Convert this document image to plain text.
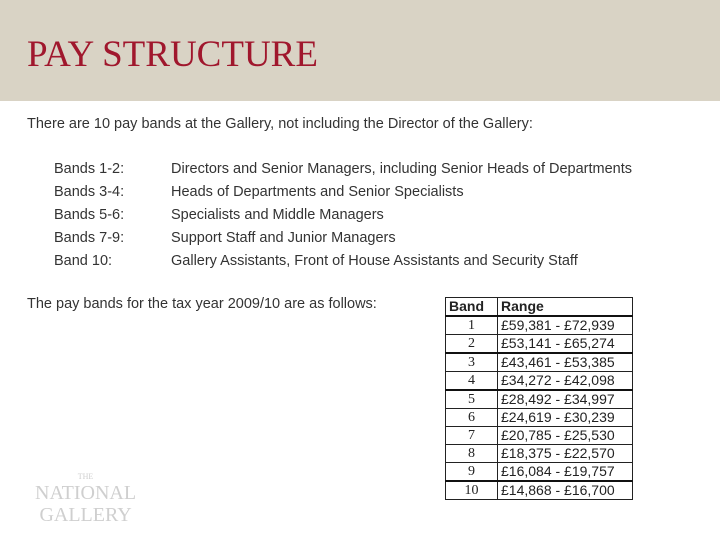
PAY STRUCTURE
There are 10 pay bands at the Gallery, not including the Director of the Gallery:
Bands 1-2:	Directors and Senior Managers, including Senior Heads of Departments
Bands 3-4:	Heads of Departments and Senior Specialists
Bands 5-6:	Specialists and Middle Managers
Bands 7-9:	Support Staff and Junior Managers
Band 10:	Gallery Assistants, Front of House Assistants and Security Staff
The pay bands for the tax year 2009/10 are as follows:	Band	Range
1	£59,381 - £72,939
2	£53,141 - £65,274
3	£43,461 - £53,385
4	£34,272 - £42,098
5	£28,492 - £34,997
6	£24,619 - £30,239
7	£20,785 - £25,530
8	£18,375 - £22,570
9	£16,084 - £19,757
10	£14,868 - £16,700
THE
NATIONAL
GALLERY
